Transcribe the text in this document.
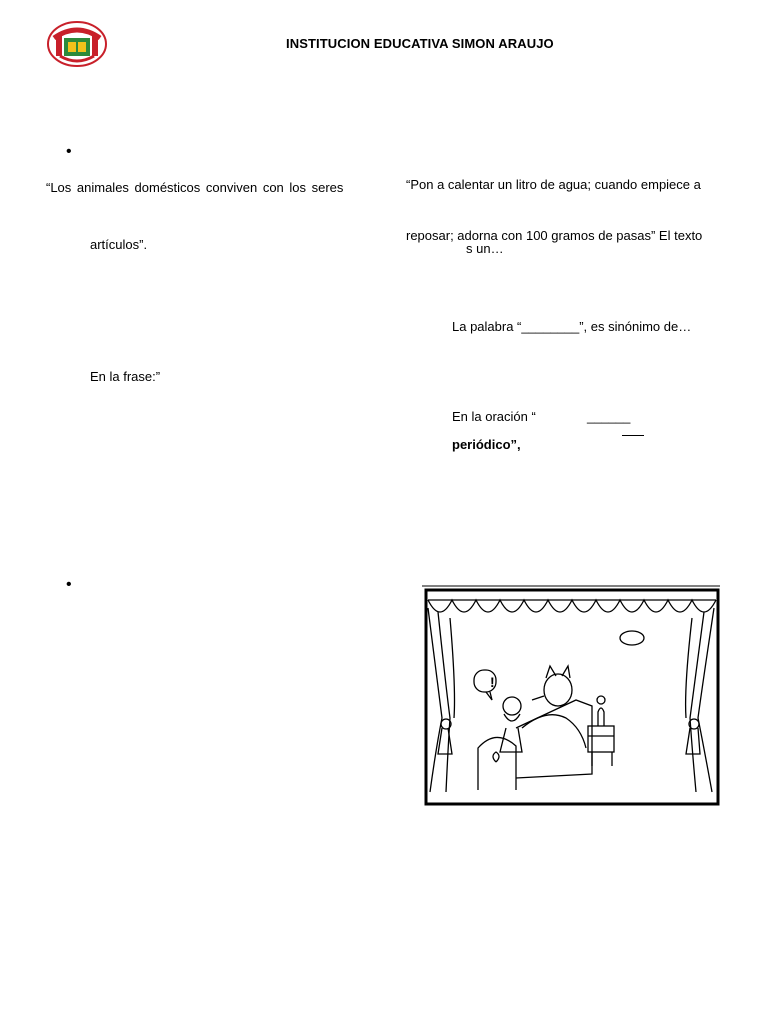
INSTITUCION EDUCATIVA SIMON ARAUJO
•
“Los animales domésticos conviven con los seres
artículos”.
En la frase:”
•
“Pon a calentar un litro de agua; cuando empiece a
reposar; adorna con 100 gramos de pasas” El texto
s un…
La palabra “________”, es sinónimo de…
En la oración “	______
periódico”,
!
